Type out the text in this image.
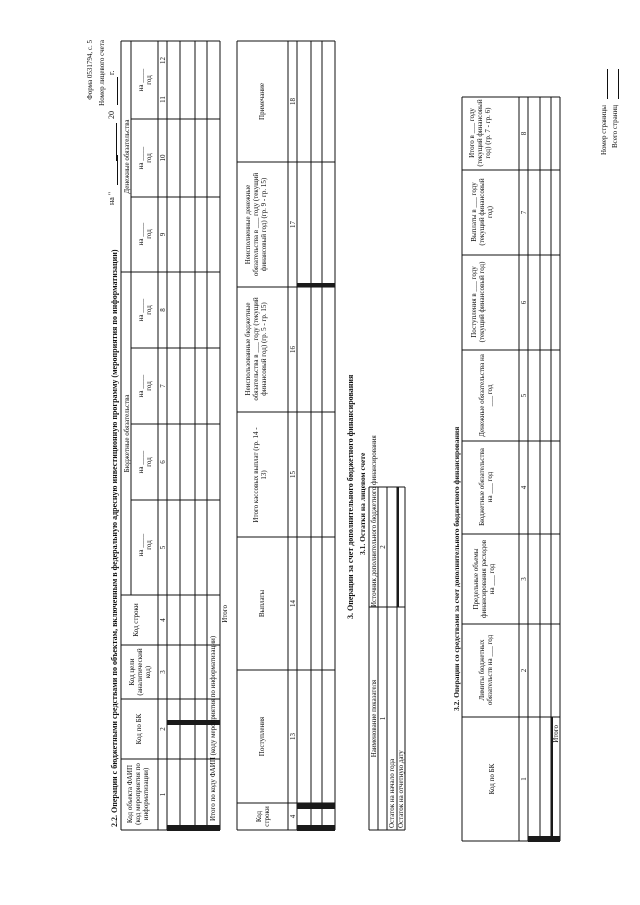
Форма 0531794, с. 5 Номер лицевого счета
на "
20
г.
2.2. Операции с бюджетными средствами по объектам, включенным в федеральную адресную инвестиционную программу (мероприятия по информатизации) Код объекта ФАИП (код мероприятия по информатизации)
Код по БК
Код цели (аналитический код)
Код строки
Бюджетные обязательства
Денежные обязательства
на ____
год
на ____
год
на ____
год
на ____
год
на ____
год
на ____
год
на ____
год
1
2
3
4
5
6
7
8
9
10
11
12
Итого по коду ФАИП (коду мероприятия по информатизации)
Итого
Код строки
Поступления
Выплаты
Итого кассовых выплат (гр. 14 - 13)
Неиспользованные бюджетные обязательства в ___ году (текущий финансовый год) (гр. 5 - гр. 15)
Неисполненные денежные обязательства в ___ году (текущий финансовый год) (гр. 9 - гр. 15)
Примечание
4
13
14
15
16
17
18
3. Операции за счет дополнительного бюджетного финансирования 3.1. Остатки на лицевом счете
Наименование показателя
Источник дополнительного бюджетного финансирования
1
2
Остаток на начало года Остаток на отчетную дату
3.2. Операции со средствами за счет дополнительного бюджетного финансирования
Код по БК
Лимиты бюджетных обязательств на ___ год
Предельные объемы финансирования расходов на ___ год
Бюджетные обязательства на ___ год
Денежные обязательства на ___ год
Поступления в ___ году (текущий финансовый год)
Выплаты в ___ году (текущий финансовый год)
Итого в ___ году (текущий финансовый год) (гр. 7 - гр. 6)
1
2
3
4
5
6
7
8
Итого
Номер страницы Всего страниц
